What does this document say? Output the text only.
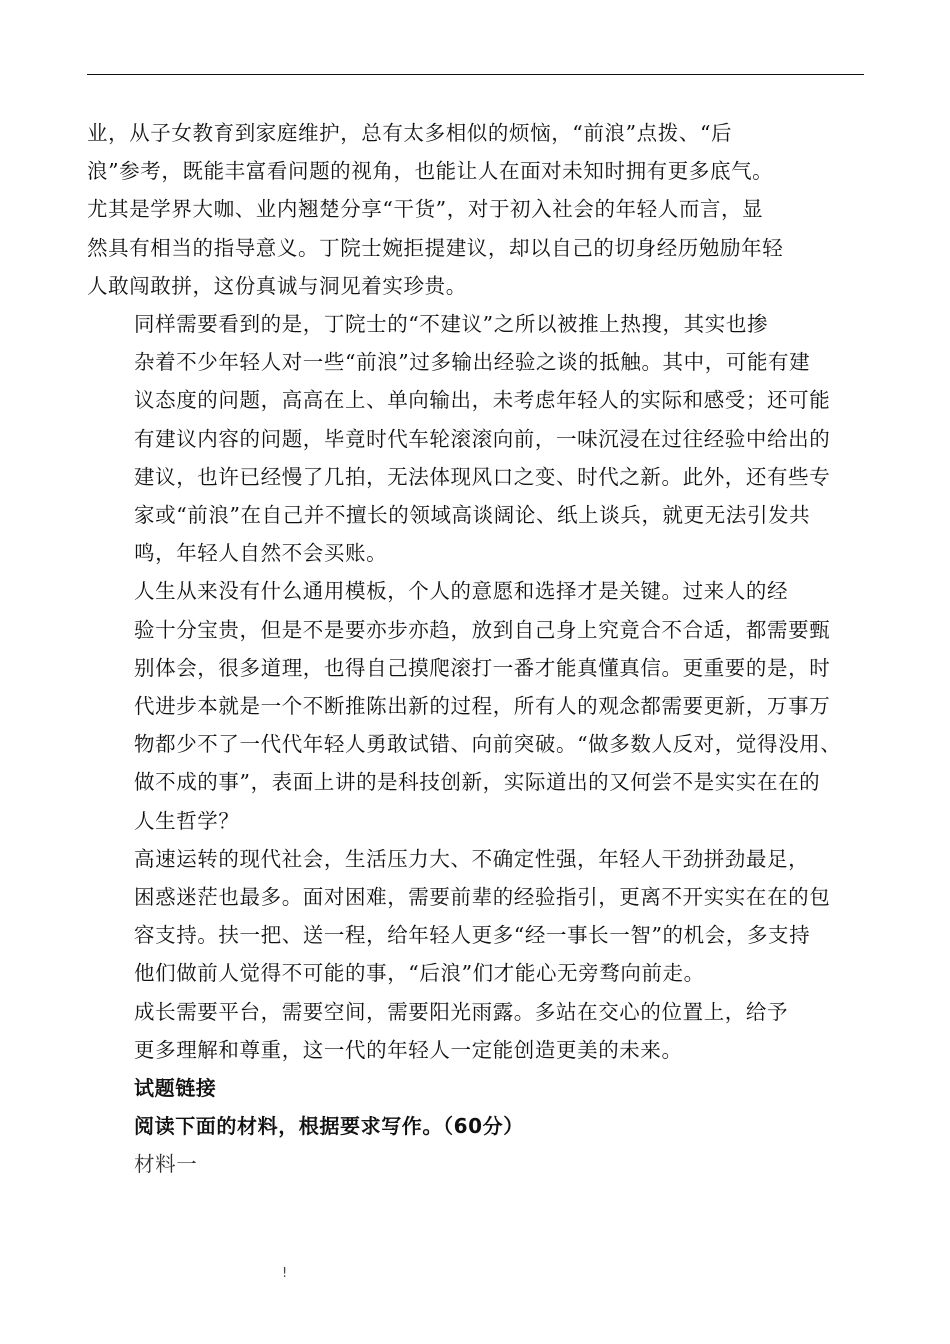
业，从子女教育到家庭维护，总有太多相似的烦恼，“前浪”点拨、“后
浪”参考，既能丰富看问题的视角，也能让人在面对未知时拥有更多底气。
尤其是学界大咖、业内翘楚分享“干货”，对于初入社会的年轻人而言，显
然具有相当的指导意义。丁院士婉拒提建议，却以自己的切身经历勉励年轻
人敢闯敢拼，这份真诚与洞见着实珍贵。

同样需要看到的是，丁院士的“不建议”之所以被推上热搜，其实也掺
杂着不少年轻人对一些“前浪”过多输出经验之谈的抵触。其中，可能有建
议态度的问题，高高在上、单向输出，未考虑年轻人的实际和感受；还可能
有建议内容的问题，毕竟时代车轮滚滚向前，一味沉浸在过往经验中给出的
建议，也许已经慢了几拍，无法体现风口之变、时代之新。此外，还有些专
家或“前浪”在自己并不擅长的领域高谈阔论、纸上谈兵，就更无法引发共
鸣，年轻人自然不会买账。

人生从来没有什么通用模板，个人的意愿和选择才是关键。过来人的经
验十分宝贵，但是不是要亦步亦趋，放到自己身上究竟合不合适，都需要甄
别体会，很多道理，也得自己摸爬滚打一番才能真懂真信。更重要的是，时
代进步本就是一个不断推陈出新的过程，所有人的观念都需要更新，万事万
物都少不了一代代年轻人勇敢试错、向前突破。“做多数人反对，觉得没用、
做不成的事”，表面上讲的是科技创新，实际道出的又何尝不是实实在在的
人生哲学？

高速运转的现代社会，生活压力大、不确定性强，年轻人干劲拼劲最足，
困惑迷茫也最多。面对困难，需要前辈的经验指引，更离不开实实在在的包
容支持。扶一把、送一程，给年轻人更多“经一事长一智”的机会，多支持
他们做前人觉得不可能的事，“后浪”们才能心无旁骛向前走。

成长需要平台，需要空间，需要阳光雨露。多站在交心的位置上，给予
更多理解和尊重，这一代的年轻人一定能创造更美的未来。

试题链接

阅读下面的材料，根据要求写作。（60分）

材料一

!
